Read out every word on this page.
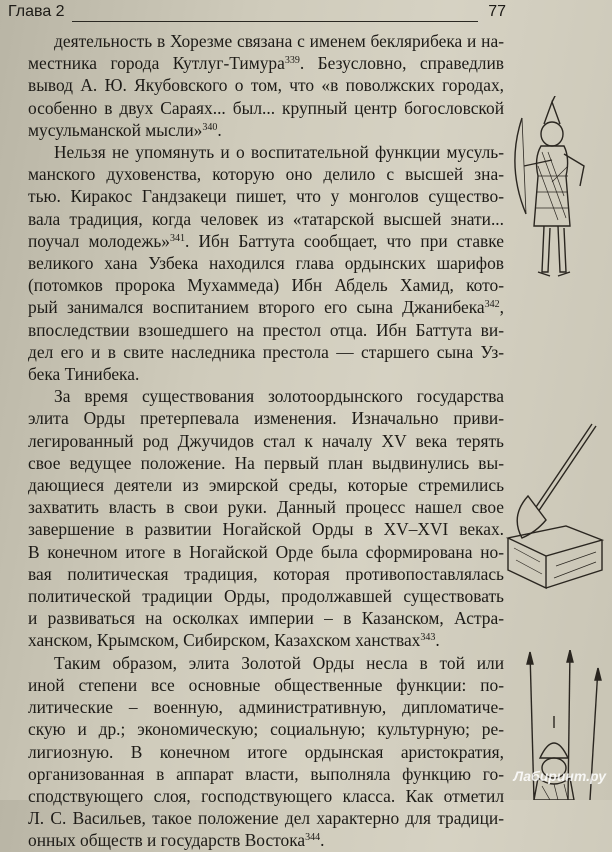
Глава 2	77

деятельность в Хорезме связана с именем беклярибека и на-
местника города Кутлуг-Тимура$^{339}$. Безусловно, справедлив
вывод А. Ю. Якубовского о том, что «в поволжских городах,
особенно в двух Сараях... был... крупный центр богословской
мусульманской мысли»$^{340}$.

Нельзя не упомянуть и о воспитательной функции мусуль-
манского духовенства, которую оно делило с высшей зна-
тью. Киракос Гандзакеци пишет, что у монголов существо-
вала традиция, когда человек из «татарской высшей знати...
поучал молодежь»$^{341}$. Ибн Баттута сообщает, что при ставке
великого хана Узбека находился глава ордынских шарифов
(потомков пророка Мухаммеда) Ибн Абдель Хамид, кото-
рый занимался воспитанием второго его сына Джанибека$^{342}$,
впоследствии взошедшего на престол отца. Ибн Баттута ви-
дел его и в свите наследника престола — старшего сына Уз-
бека Тинибека.

За время существования золотоордынского государства
элита Орды претерпевала изменения. Изначально приви-
легированный род Джучидов стал к началу XV века терять
свое ведущее положение. На первый план выдвинулись вы-
дающиеся деятели из эмирской среды, которые стремились
захватить власть в свои руки. Данный процесс нашел свое
завершение в развитии Ногайской Орды в XV–XVI веках.
В конечном итоге в Ногайской Орде была сформирована но-
вая политическая традиция, которая противопоставлялась
политической традиции Орды, продолжавшей существовать
и развиваться на осколках империи – в Казанском, Астра-
ханском, Крымском, Сибирском, Казахском ханствах$^{343}$.

Таким образом, элита Золотой Орды несла в той или
иной степени все основные общественные функции: по-
литические – военную, административную, дипломатиче-
скую и др.; экономическую; социальную; культурную; ре-
лигиозную. В конечном итоге ордынская аристократия,
организованная в аппарат власти, выполняла функцию го-
сподствующего слоя, господствующего класса. Как отметил
Л. С. Васильев, такое положение дел характерно для традици-
онных обществ и государств Востока$^{344}$.

Лабиринт.ру
